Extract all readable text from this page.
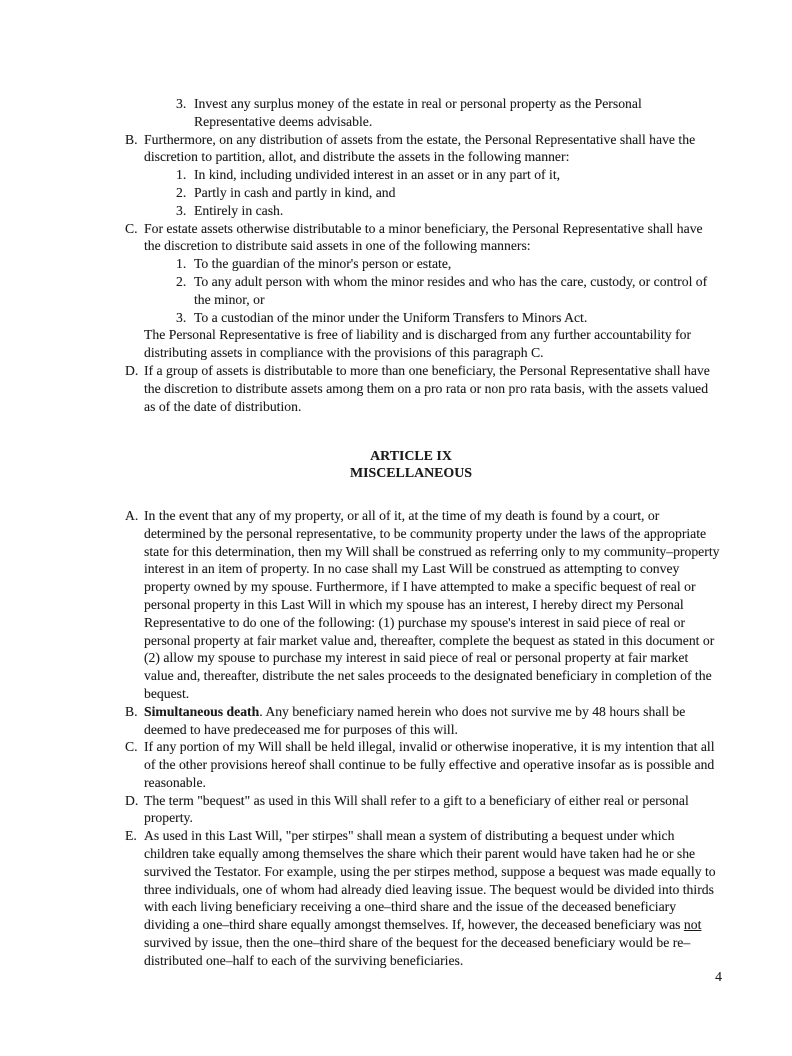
3. Invest any surplus money of the estate in real or personal property as the Personal Representative deems advisable.
B. Furthermore, on any distribution of assets from the estate, the Personal Representative shall have the discretion to partition, allot, and distribute the assets in the following manner:
1. In kind, including undivided interest in an asset or in any part of it,
2. Partly in cash and partly in kind, and
3. Entirely in cash.
C. For estate assets otherwise distributable to a minor beneficiary, the Personal Representative shall have the discretion to distribute said assets in one of the following manners:
1. To the guardian of the minor's person or estate,
2. To any adult person with whom the minor resides and who has the care, custody, or control of the minor, or
3. To a custodian of the minor under the Uniform Transfers to Minors Act.
The Personal Representative is free of liability and is discharged from any further accountability for distributing assets in compliance with the provisions of this paragraph C.
D. If a group of assets is distributable to more than one beneficiary, the Personal Representative shall have the discretion to distribute assets among them on a pro rata or non pro rata basis, with the assets valued as of the date of distribution.
ARTICLE IX
MISCELLANEOUS
A. In the event that any of my property, or all of it, at the time of my death is found by a court, or determined by the personal representative, to be community property under the laws of the appropriate state for this determination, then my Will shall be construed as referring only to my community–property interest in an item of property. In no case shall my Last Will be construed as attempting to convey property owned by my spouse. Furthermore, if I have attempted to make a specific bequest of real or personal property in this Last Will in which my spouse has an interest, I hereby direct my Personal Representative to do one of the following: (1) purchase my spouse's interest in said piece of real or personal property at fair market value and, thereafter, complete the bequest as stated in this document or (2) allow my spouse to purchase my interest in said piece of real or personal property at fair market value and, thereafter, distribute the net sales proceeds to the designated beneficiary in completion of the bequest.
B. Simultaneous death. Any beneficiary named herein who does not survive me by 48 hours shall be deemed to have predeceased me for purposes of this will.
C. If any portion of my Will shall be held illegal, invalid or otherwise inoperative, it is my intention that all of the other provisions hereof shall continue to be fully effective and operative insofar as is possible and reasonable.
D. The term "bequest" as used in this Will shall refer to a gift to a beneficiary of either real or personal property.
E. As used in this Last Will, "per stirpes" shall mean a system of distributing a bequest under which children take equally among themselves the share which their parent would have taken had he or she survived the Testator. For example, using the per stirpes method, suppose a bequest was made equally to three individuals, one of whom had already died leaving issue. The bequest would be divided into thirds with each living beneficiary receiving a one–third share and the issue of the deceased beneficiary dividing a one–third share equally amongst themselves. If, however, the deceased beneficiary was not survived by issue, then the one–third share of the bequest for the deceased beneficiary would be re–distributed one–half to each of the surviving beneficiaries.
4
